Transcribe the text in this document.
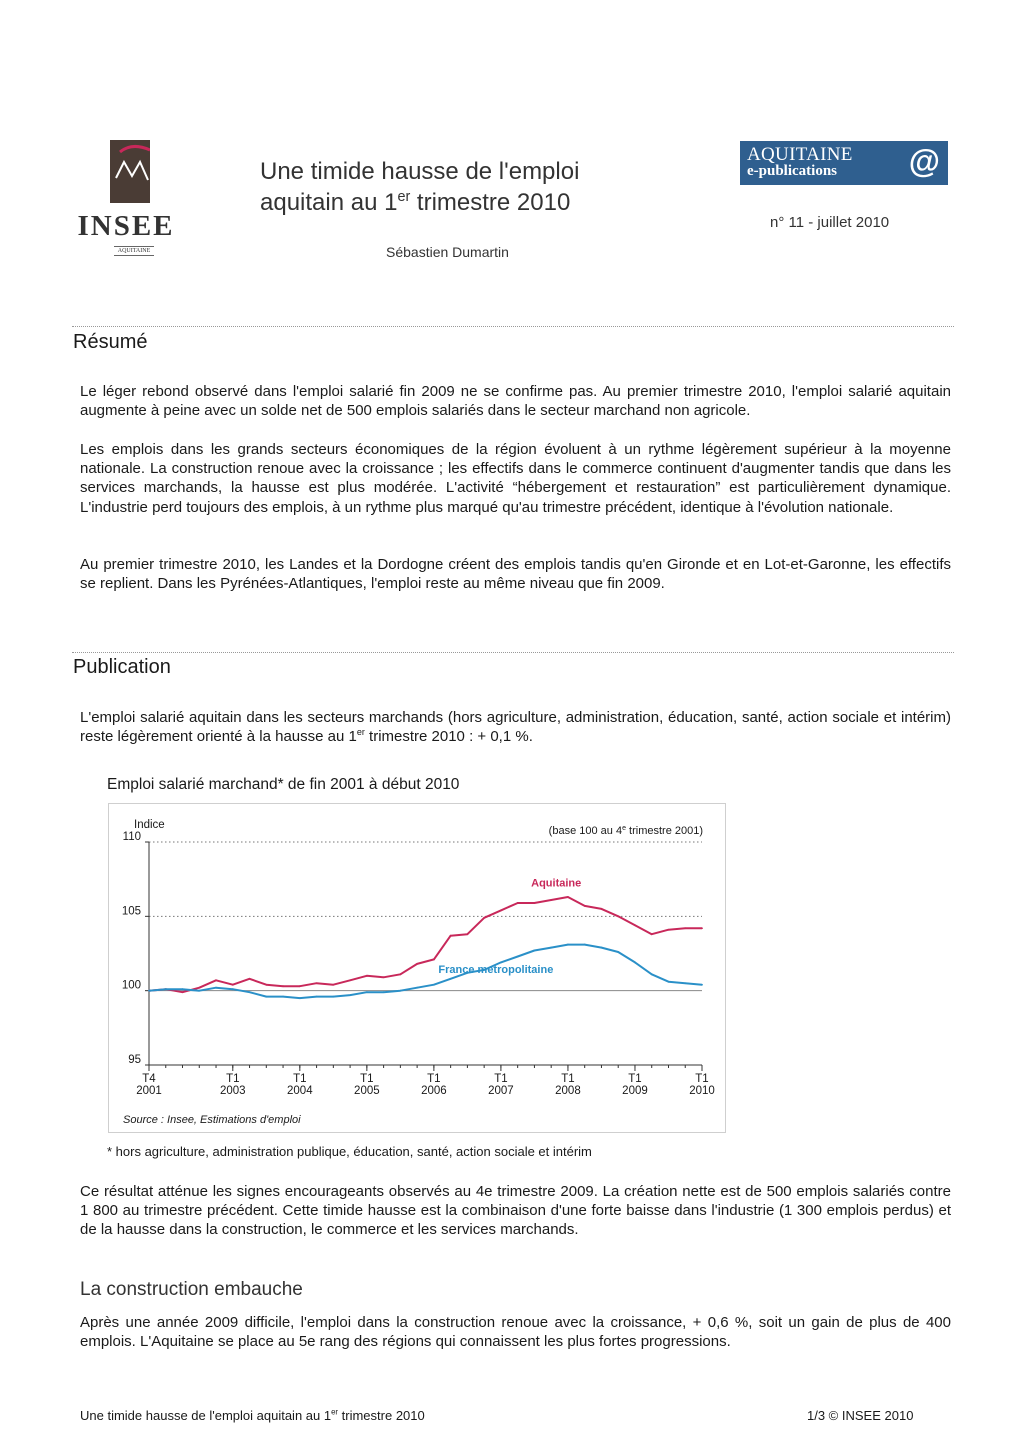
INSEE
AQUITAINE
Une timide hausse de l'emploi
aquitain au 1er trimestre 2010
Sébastien Dumartin
AQUITAINE
e-publications @
n° 11 - juillet 2010
Résumé

Le léger rebond observé dans l'emploi salarié fin 2009 ne se confirme pas. Au premier trimestre 2010, l'emploi salarié aquitain augmente à peine avec un solde net de 500 emplois salariés dans le secteur marchand non agricole.

Les emplois dans les grands secteurs économiques de la région évoluent à un rythme légèrement supérieur à la moyenne nationale. La construction renoue avec la croissance ; les effectifs dans le commerce continuent d'augmenter tandis que dans les services marchands, la hausse est plus modérée. L'activité “hébergement et restauration” est particulièrement dynamique. L'industrie perd toujours des emplois, à un rythme plus marqué qu'au trimestre précédent, identique à l'évolution nationale.

Au premier trimestre 2010, les Landes et la Dordogne créent des emplois tandis qu'en Gironde et en Lot-et-Garonne, les effectifs se replient. Dans les Pyrénées-Atlantiques, l'emploi reste au même niveau que fin 2009.

Publication

L'emploi salarié aquitain dans les secteurs marchands (hors agriculture, administration, éducation, santé, action sociale et intérim) reste légèrement orienté à la hausse au 1er trimestre 2010 : + 0,1 %.

Emploi salarié marchand* de fin 2001 à début 2010
Indice	(base 100 au 4e trimestre 2001)
Source : Insee, Estimations d'emploi
95
100
105
110
T4
2001
T1
2003
T1
2004
T1
2005
T1
2006
T1
2007
T1
2008
T1
2009
T1
2010
Aquitaine
France metropolitaine
* hors agriculture, administration publique, éducation, santé, action sociale et intérim

Ce résultat atténue les signes encourageants observés au 4e trimestre 2009. La création nette est de 500 emplois salariés contre 1 800 au trimestre précédent. Cette timide hausse est la combinaison d'une forte baisse dans l'industrie (1 300 emplois perdus) et de la hausse dans la construction, le commerce et les services marchands.

La construction embauche

Après une année 2009 difficile, l'emploi dans la construction renoue avec la croissance, + 0,6 %, soit un gain de plus de 400 emplois. L'Aquitaine se place au 5e rang des régions qui connaissent les plus fortes progressions.

Une timide hausse de l'emploi aquitain au 1er trimestre 2010	1/3 © INSEE 2010
